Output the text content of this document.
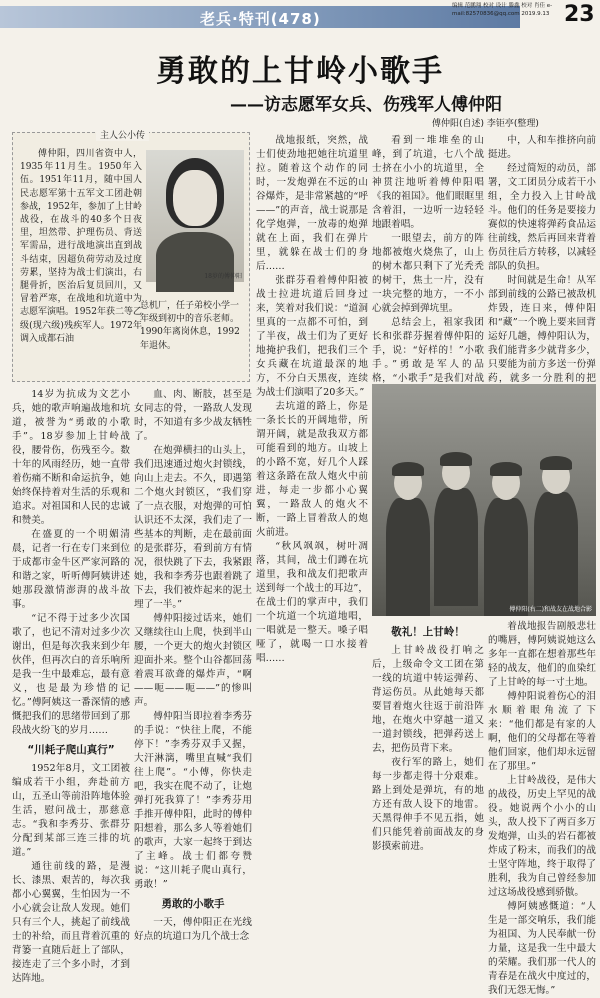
老兵·特刊(478)
编辑 范鹏翔 校对 设计 滕鑫 校对 肖佳 e-mail:82570836@qq.com 2019.9.13 23
勇敢的上甘岭小歌手
——访志愿军女兵、伤残军人傅仲阳
傅仲阳(自述) 李钜亭(整理)
主人公小传
傅仲阳，四川省资中人，1935年11月生。1950年入伍。1951年11月，随中国人民志愿军第十五军文工团赴朝参战，1952年，参加了上甘岭战役，在战斗的40多个日夜里，坦然带、护理伤员、背送军需品，进行战地演出直到战斗结束，因超负荷劳动及过度劳累，坚持为战士们演出，右腿骨折，医治后复员回川，又冒着严寒，在战地和坑道中为志愿军演唱。1952年获二等乙级(现六级)残疾军人。1972年调入成都石油
18岁的傅仲阳
总机厂，任子弟校小学一年级到初中的音乐老师。1990年离岗休息，1992年退休。

14岁为抗成为文艺小兵，她的歌声响遍战地和坑道，被誉为“勇敢的小歌手”。18岁参加上甘岭战役，腰骨伤，伤残至今。数十年的风雨经历，她一直带着伤痛不断和命运抗争，她始终保持着对生活的乐观和追求。对祖国和人民的忠诚和赞美。

在盛夏的一个明媚清晨，记者一行在专门来到位于成都市金牛区严家河路的和谐之家，听听傅阿姨讲述她那段激情澎湃的战斗故事。

“记不得于过多少次国歌了，也记不清对过多少次谢出，但是每次我来到少年伙伴，但再次白的音乐响所是我一生中最难忘，最有意义，也是最为珍惜的记忆。”傅阿姨这一番深情的感慨把我们的思绪带回到了那段战火纷飞的岁月……

“川耗子爬山真行”

1952年8月，文工团被编成若干小组，奔赴前方山，五圣山等前沿阵地体验生活，慰问战士，那慈意志。“我和李秀芬、张群芬分配到某部三连三排的坑道。”

通往前线的路，是漫长、漆黑、艰苦的，每次我都小心翼翼，生怕因为一不小心就会让敌人发现。她们只有三个人，挑起了前线战士的补给，而且背着沉重的背篓一直随后赶上了部队，接连走了三个多小时，才到达阵地。

血、肉、断肢，甚至是女同志的骨，一路敌人发现时，不知道有多少战友牺牲了。

在炮弹横扫的山头上，我们迅速通过炮火封锁线，向山上走去。不久，即遇第二个炮火封锁区，“我们穿了一点衣服，对炮弹的可怕认识还不太深，我们走了一些基本的判断，走在最前面的是张群芬，看到前方有情况，很快跳了下去，我紧跟她，我和李秀芬也跟着跳了下去，我们被炸起来的泥土埋了一半。”

傅仲阳接过话来，她们又继续往山上爬，快到半山腰，一个更大的炮火封锁区迎面扑来。整个山谷都回荡着震耳欲聋的爆炸声，“啊——呃——呃——”的惨叫声。

傅仲阳当即拉着李秀芬的手说：“快往上爬，不能停下！”李秀芬双手又握，大汗淋漓，嘴里直喊“我们往上爬”。“小傅，你快走吧，我实在爬不动了，让炮弹打死我算了！”李秀芬用手推开傅仲阳，此时的傅仲阳想着，那么多人等着她们的歌声，大家一起终于到达了主峰。战士们都夸赞说：“这川耗子爬山真行，勇敢！”

勇敢的小歌手

一天，傅仲阳正在光线好点的坑道口为几个战士念

战地报纸，突然，战士们使劲地把她往坑道里拉。随着这个动作的同时，一发炮弹在不远的山谷爆炸，是非常紧越的“呼——”的声音，战士说那是化学炮弹，一放毒的炮弹就在上面，我们在弹片里，就躲在战士们的身后……

张群芬看着傅仲阳被战士拉进坑道后回身过来，笑着对我们说：“道洞里真的一点都不可怕，到了半夜，战士们为了更好地掩护我们，把我们三个女兵藏在坑道最深的地方，不分白天黑夜，连续为战士们演唱了20多天。”

去坑道的路上，你是一条长长的开阔地带，所谓开阔，就是敌我双方都可能看到的地方。山坡上的小路不宽，好几个人踩着这条路在敌人炮火中前进，每走一步都小心翼翼，一路敌人的炮火不断，一路上冒着敌人的炮火前进。

“秋风飒飒，树叶凋落，其间，战士们蹲在坑道里，我和战友们把歌声送到每一个战士的耳边”，在战士们的掌声中，我们一个坑道一个坑道地唱，一唱就是一整天。嗓子唱哑了，就喝一口水接着唱……

看到一堆堆垒的山峰，到了坑道，七八个战士挤在小小的坑道里，全神贯注地听着傅仲阳唱《我的祖国》。他们眼眶里含着泪，一边听一边轻轻地跟着唱。

一眼望去，前方的阵地都被炮火烧焦了，山上的树木都只剩下了光秃秃的树干，焦土一片，没有一块完整的地方，一不小心就会掉到弹坑里。

总结会上，祖家我团长和张群芬握着傅仲阳的手，说：“好样的！”小歌手。”勇敢是军人的品格，“小歌手”是我们对战

中，人和车推挤向前挺进。

经过简短的动员，部署，文工团员分成若干小组，全力投入上甘岭战斗。他们的任务是要接力赛似的快速将弹药食品运往前线，然后再回来背着伤员往后方转移，以减轻部队的负担。

时间就是生命！从军部到前线的公路已被敌机炸毁，连日来，傅仲阳和“藏”一个晚上要来回背运好几趟，傅仲阳认为，我们能背多少就背多少，只要能为前方多送一份弹药，就多一分胜利的把

傅仲阳(右二)和战友在战地合影

敬礼！上甘岭！

上甘岭战役打响之后，上级命令文工团在第一线的坑道中转运弹药、背运伤员。从此她每天都要冒着炮火往返于前沿阵地，在炮火中穿越一道又一道封锁线，把弹药送上去，把伤员背下来。

夜行军的路上，她们每一步都走得十分艰难。路上到处是弹坑，有的地方还有敌人设下的地雷。天黑得伸手不见五指，她们只能凭着前面战友的身影摸索前进。

着战地报告剧般悲壮的嘴唇，傅阿姨说她这么多年一直都在想着那些年轻的战友，他们的血染红了上甘岭的每一寸土地。

傅仲阳说着伤心的泪水顺着眼角流了下来：“他们都是有家的人啊，他们的父母都在等着他们回家，他们却永远留在了那里。”

上甘岭战役，是伟大的战役，历史上罕见的战役。她说两个小小的山头，敌人投下了两百多万发炮弹，山头的岩石都被炸成了粉末，而我们的战士坚守阵地，终于取得了胜利，我为自己曾经参加过这场战役感到骄傲。

傅阿姨感慨道：“人生是一部交响乐，我们能为祖国、为人民奉献一份力量，这是我一生中最大的荣耀。我们那一代人的青春是在战火中度过的，我们无怨无悔。”
